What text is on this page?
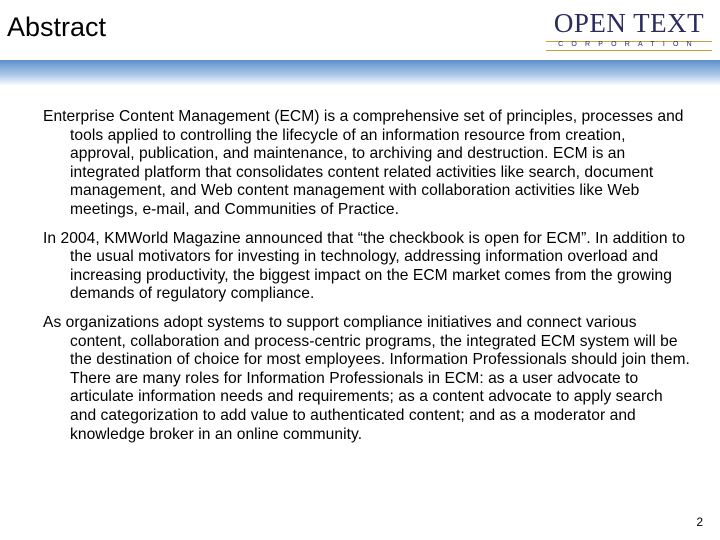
Abstract	OPEN TEXT
CORPORATION

Enterprise Content Management (ECM) is a comprehensive set of principles, processes and tools applied to controlling the lifecycle of an information resource from creation, approval, publication, and maintenance, to archiving and destruction. ECM is an integrated platform that consolidates content related activities like search, document management, and Web content management with collaboration activities like Web meetings, e-mail, and Communities of Practice.

In 2004, KMWorld Magazine announced that “the checkbook is open for ECM”. In addition to the usual motivators for investing in technology, addressing information overload and increasing productivity, the biggest impact on the ECM market comes from the growing demands of regulatory compliance.

As organizations adopt systems to support compliance initiatives and connect various content, collaboration and process-centric programs, the integrated ECM system will be the destination of choice for most employees. Information Professionals should join them. There are many roles for Information Professionals in ECM: as a user advocate to articulate information needs and requirements; as a content advocate to apply search and categorization to add value to authenticated content; and as a moderator and knowledge broker in an online community.

2
